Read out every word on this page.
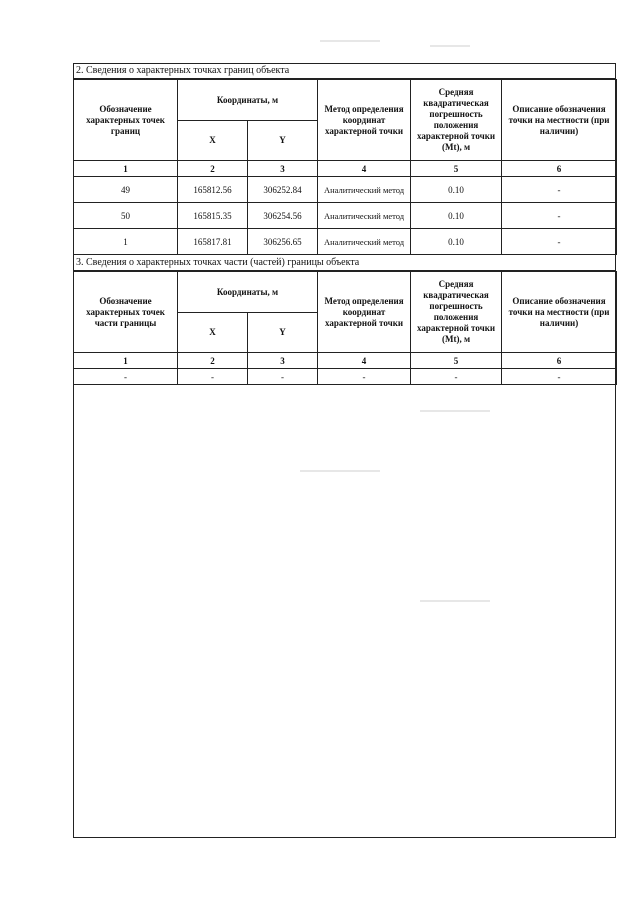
2. Сведения о характерных точках границ объекта
Обозначение характерных точек границ	Координаты, м		Метод определения координат характерной точки	Средняя квадратическая погрешность положения характерной точки (Mt), м	Описание обозначения точки на местности (при наличии)
	X	Y			
1	2	3	4	5	6
49	165812.56	306252.84	Аналитический метод	0.10	-
50	165815.35	306254.56	Аналитический метод	0.10	-
1	165817.81	306256.65	Аналитический метод	0.10	-
3. Сведения о характерных точках части (частей) границы объекта
Обозначение характерных точек части границы	Координаты, м		Метод определения координат характерной точки	Средняя квадратическая погрешность положения характерной точки (Mt), м	Описание обозначения точки на местности (при наличии)
	X	Y			
1	2	3	4	5	6
-	-	-	-	-	-
